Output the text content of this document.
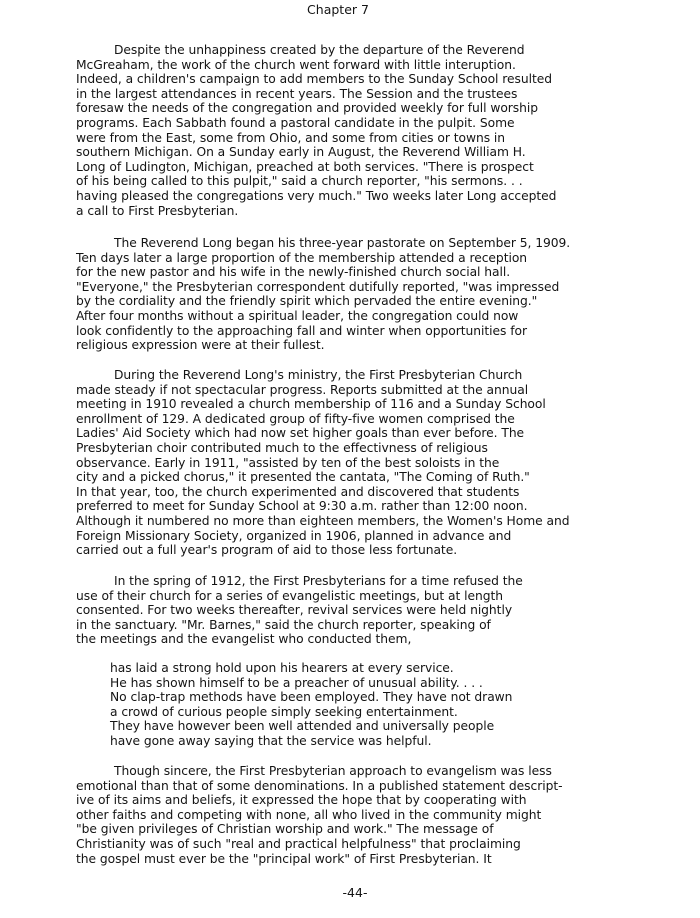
Chapter 7
Despite the unhappiness created by the departure of the Reverend
McGreaham, the work of the church went forward with little interuption.
Indeed, a children's campaign to add members to the Sunday School resulted
in the largest attendances in recent years. The Session and the trustees
foresaw the needs of the congregation and provided weekly for full worship
programs. Each Sabbath found a pastoral candidate in the pulpit. Some
were from the East, some from Ohio, and some from cities or towns in
southern Michigan. On a Sunday early in August, the Reverend William H.
Long of Ludington, Michigan, preached at both services. "There is prospect
of his being called to this pulpit," said a church reporter, "his sermons. . .
having pleased the congregations very much." Two weeks later Long accepted
a call to First Presbyterian.
The Reverend Long began his three-year pastorate on September 5, 1909.
Ten days later a large proportion of the membership attended a reception
for the new pastor and his wife in the newly-finished church social hall.
"Everyone," the Presbyterian correspondent dutifully reported, "was impressed
by the cordiality and the friendly spirit which pervaded the entire evening."
After four months without a spiritual leader, the congregation could now
look confidently to the approaching fall and winter when opportunities for
religious expression were at their fullest.
During the Reverend Long's ministry, the First Presbyterian Church
made steady if not spectacular progress. Reports submitted at the annual
meeting in 1910 revealed a church membership of 116 and a Sunday School
enrollment of 129. A dedicated group of fifty-five women comprised the
Ladies' Aid Society which had now set higher goals than ever before. The
Presbyterian choir contributed much to the effectivness of religious
observance. Early in 1911, "assisted by ten of the best soloists in the
city and a picked chorus," it presented the cantata, "The Coming of Ruth."
In that year, too, the church experimented and discovered that students
preferred to meet for Sunday School at 9:30 a.m. rather than 12:00 noon.
Although it numbered no more than eighteen members, the Women's Home and
Foreign Missionary Society, organized in 1906, planned in advance and
carried out a full year's program of aid to those less fortunate.
In the spring of 1912, the First Presbyterians for a time refused the
use of their church for a series of evangelistic meetings, but at length
consented. For two weeks thereafter, revival services were held nightly
in the sanctuary. "Mr. Barnes," said the church reporter, speaking of
the meetings and the evangelist who conducted them,
has laid a strong hold upon his hearers at every service.
He has shown himself to be a preacher of unusual ability. . . .
No clap-trap methods have been employed. They have not drawn
a crowd of curious people simply seeking entertainment.
They have however been well attended and universally people
have gone away saying that the service was helpful.
Though sincere, the First Presbyterian approach to evangelism was less
emotional than that of some denominations. In a published statement descript-
ive of its aims and beliefs, it expressed the hope that by cooperating with
other faiths and competing with none, all who lived in the community might
"be given privileges of Christian worship and work." The message of
Christianity was of such "real and practical helpfulness" that proclaiming
the gospel must ever be the "principal work" of First Presbyterian. It
-44-
